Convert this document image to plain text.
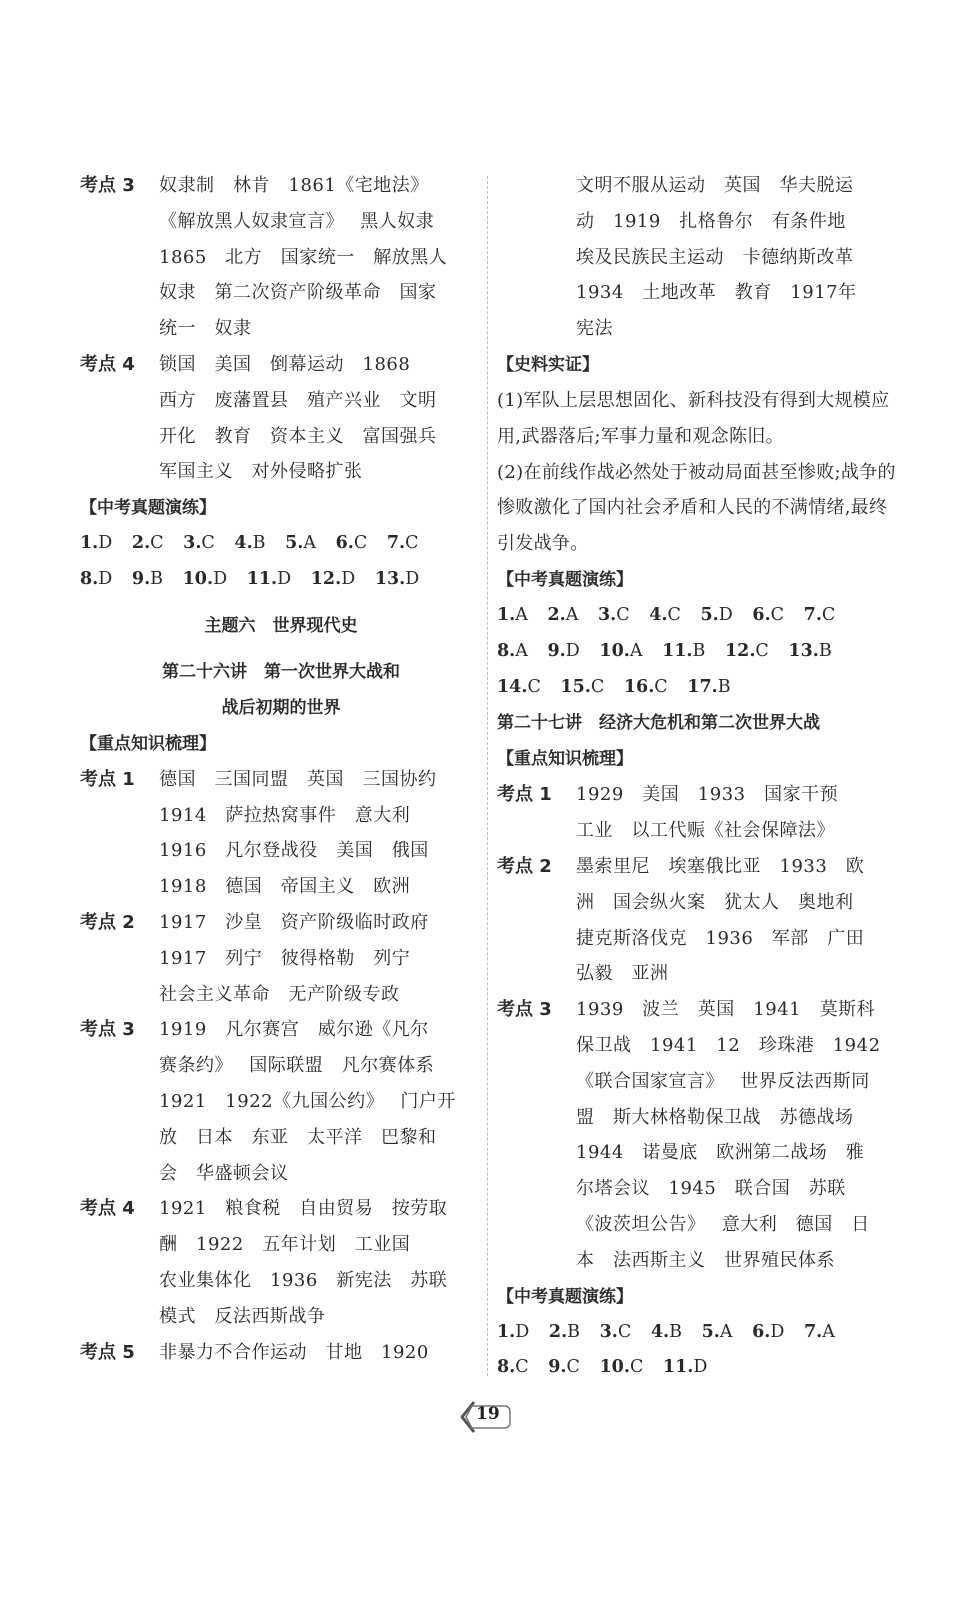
考点 3	奴隶制　林肯　1861《宅地法》
《解放黑人奴隶宣言》 黑人奴隶
1865　北方　国家统一　解放黑人
奴隶　第二次资产阶级革命　国家
统一　奴隶
考点 4	锁国　美国　倒幕运动　1868
西方　废藩置县　殖产兴业　文明
开化　教育　资本主义　富国强兵
军国主义　对外侵略扩张
【中考真题演练】
1.D 2.C 3.C 4.B 5.A 6.C 7.C
8.D 9.B 10.D 11.D 12.D 13.D
主题六　世界现代史
第二十六讲　第一次世界大战和
战后初期的世界
【重点知识梳理】
考点 1	德国　三国同盟　英国　三国协约
1914　萨拉热窝事件　意大利
1916　凡尔登战役　美国　俄国
1918　德国　帝国主义　欧洲
考点 2	1917　沙皇　资产阶级临时政府
1917　列宁　彼得格勒　列宁
社会主义革命　无产阶级专政
考点 3	1919　凡尔赛宫　威尔逊《凡尔
赛条约》 国际联盟　凡尔赛体系
1921　1922《九国公约》 门户开
放　日本　东亚　太平洋　巴黎和
会　华盛顿会议
考点 4	1921　粮食税　自由贸易　按劳取
酬　1922　五年计划　工业国
农业集体化　1936　新宪法　苏联
模式　反法西斯战争
考点 5	非暴力不合作运动　甘地　1920
文明不服从运动　英国　华夫脱运
动　1919　扎格鲁尔　有条件地
埃及民族民主运动　卡德纳斯改革
1934　土地改革　教育　1917年
宪法
【史料实证】
(1)军队上层思想固化、新科技没有得到大规模应用,武器落后;军事力量和观念陈旧。
(2)在前线作战必然处于被动局面甚至惨败;战争的惨败激化了国内社会矛盾和人民的不满情绪,最终引发战争。
【中考真题演练】
1.A 2.A 3.C 4.C 5.D 6.C 7.C
8.A 9.D 10.A 11.B 12.C 13.B
14.C 15.C 16.C 17.B
第二十七讲　经济大危机和第二次世界大战
【重点知识梳理】
考点 1	1929　美国　1933　国家干预
工业　以工代赈《社会保障法》
考点 2	墨索里尼　埃塞俄比亚　1933　欧
洲　国会纵火案　犹太人　奥地利
捷克斯洛伐克　1936　军部　广田
弘毅　亚洲
考点 3	1939　波兰　英国　1941　莫斯科
保卫战　1941　12　珍珠港　1942
《联合国家宣言》 世界反法西斯同
盟　斯大林格勒保卫战　苏德战场
1944　诺曼底　欧洲第二战场　雅
尔塔会议　1945　联合国　苏联
《波茨坦公告》 意大利　德国　日
本　法西斯主义　世界殖民体系
【中考真题演练】
1.D 2.B 3.C 4.B 5.A 6.D 7.A
8.C 9.C 10.C 11.D
19
